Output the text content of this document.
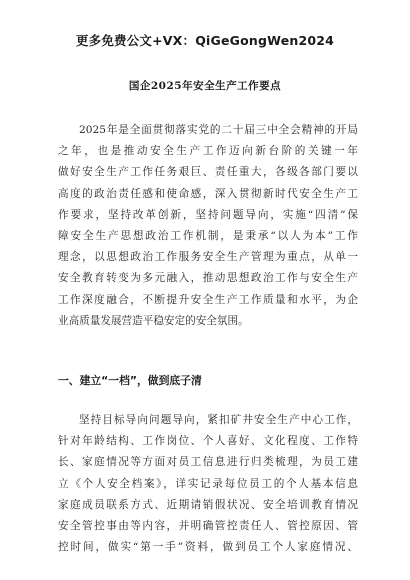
更多免费公文+VX：QiGeGongWen2024
国企2025年安全生产工作要点
2025年是全面贯彻落实党的二十届三中全会精神的开局
之年，也是推动安全生产工作迈向新台阶的关键一年
做好安全生产工作任务艰巨、责任重大，各级各部门要以
高度的政治责任感和使命感，深入贯彻新时代安全生产工
作要求，坚持改革创新，坚持问题导向，实施“四清”保
障安全生产思想政治工作机制，是秉承“以人为本”工作
理念，以思想政治工作服务安全生产管理为重点，从单一
安全教育转变为多元融入，推动思想政治工作与安全生产
工作深度融合，不断提升安全生产工作质量和水平，为企
业高质量发展营造平稳安定的安全氛围。
一、建立“一档”，做到底子清
坚持目标导向问题导向，紧扣矿井安全生产中心工作，
针对年龄结构、工作岗位、个人喜好、文化程度、工作特
长、家庭情况等方面对员工信息进行归类梳理，为员工建
立《个人安全档案》，详实记录每位员工的个人基本信息
家庭成员联系方式、近期请销假状况、安全培训教育情况
安全管控事由等内容，并明确管控责任人、管控原因、管
控时间，做实“第一手”资料，做到员工个人家庭情况、
